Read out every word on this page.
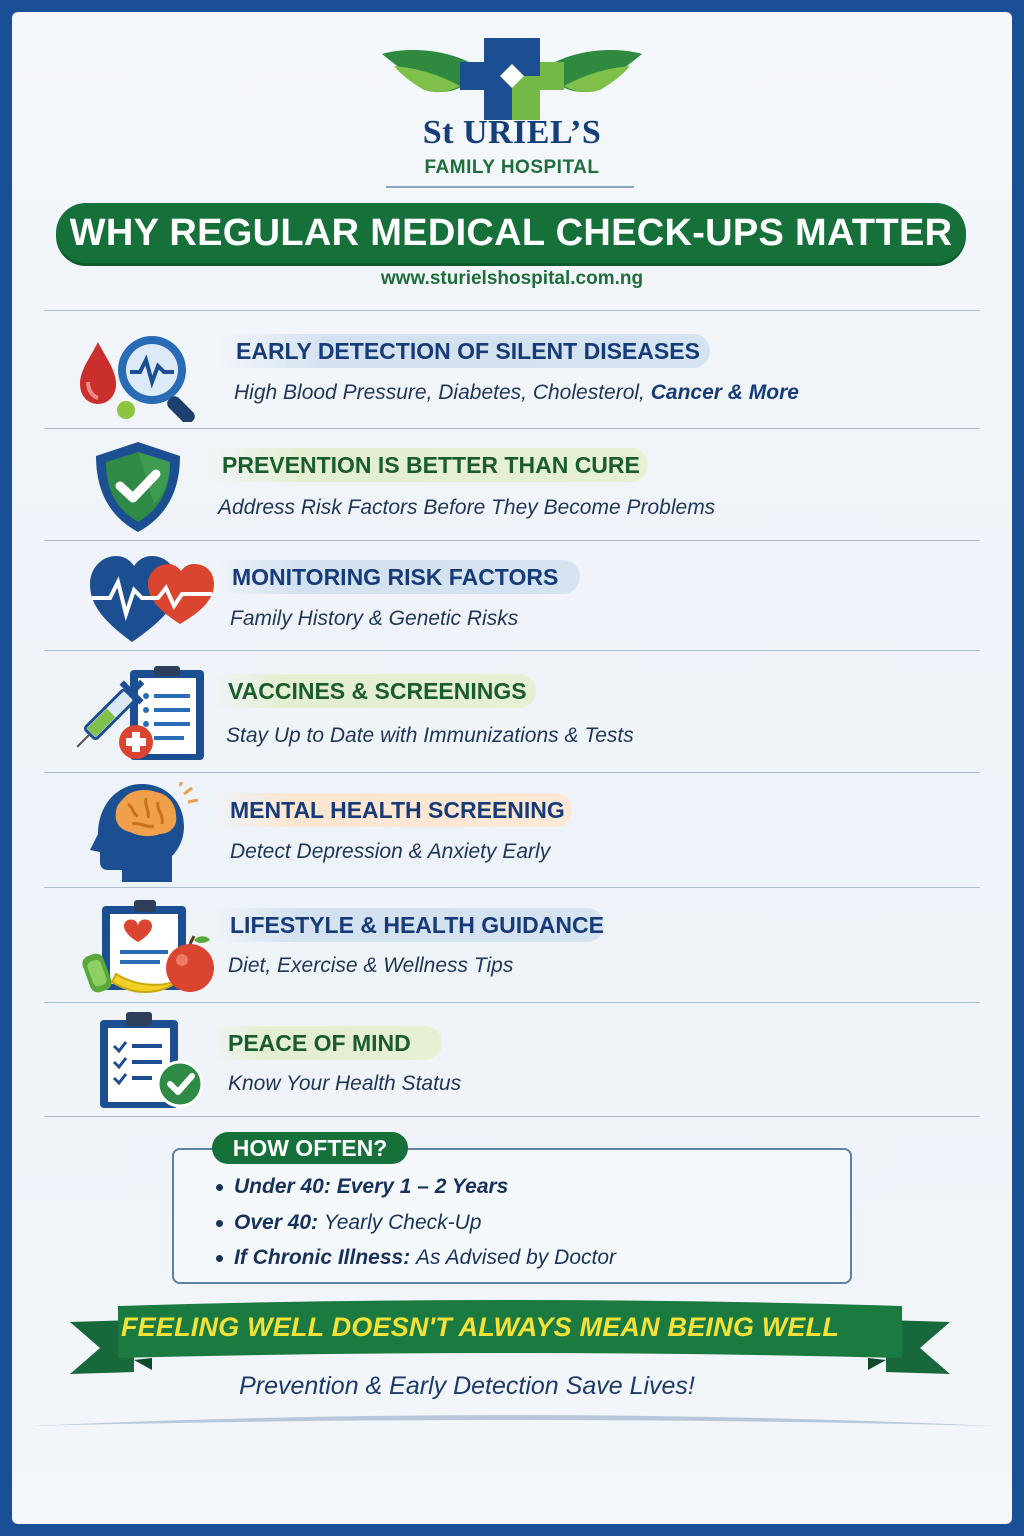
St URIEL’S
FAMILY HOSPITAL
WHY REGULAR MEDICAL CHECK-UPS MATTER
www.sturielshospital.com.ng
EARLY DETECTION OF SILENT DISEASES
High Blood Pressure, Diabetes, Cholesterol, Cancer & More
PREVENTION IS BETTER THAN CURE
Address Risk Factors Before They Become Problems
MONITORING RISK FACTORS
Family History & Genetic Risks
VACCINES & SCREENINGS
Stay Up to Date with Immunizations & Tests
MENTAL HEALTH SCREENING
Detect Depression & Anxiety Early
LIFESTYLE & HEALTH GUIDANCE
Diet, Exercise & Wellness Tips
PEACE OF MIND
Know Your Health Status
HOW OFTEN?
Under 40: Every 1 – 2 Years
Over 40: Yearly Check-Up
If Chronic Illness: As Advised by Doctor
FEELING WELL DOESN'T ALWAYS MEAN BEING WELL
Prevention & Early Detection Save Lives!
